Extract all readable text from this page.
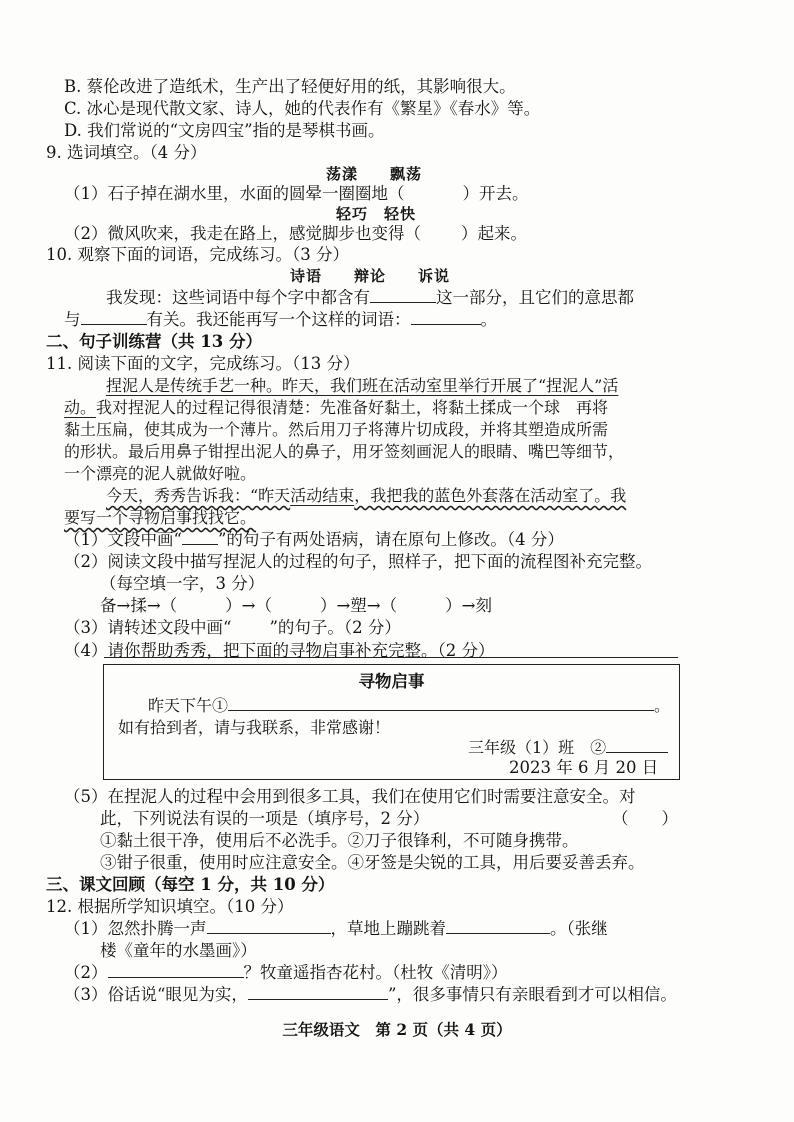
B. 蔡伦改进了造纸术，生产出了轻便好用的纸，其影响很大。
C. 冰心是现代散文家、诗人，她的代表作有《繁星》《春水》等。
D. 我们常说的“文房四宝”指的是琴棋书画。
9. 选词填空。（4 分）
荡漾　　飘荡
（1）石子掉在湖水里，水面的圆晕一圈圈地（	）开去。
轻巧　轻快
（2）微风吹来，我走在路上，感觉脚步也变得（ ）起来。
10. 观察下面的词语，完成练习。（3 分）
诗语　　辩论　　诉说
我发现：这些词语中每个字中都含有	这一部分，且它们的意思都
与	有关。我还能再写一个这样的词语：	。
二、句子训练营（共 13 分）
11. 阅读下面的文字，完成练习。（13 分）
捏泥人是传统手艺一种。昨天，我们班在活动室里举行开展了“捏泥人”活
动。我对捏泥人的过程记得很清楚：先准备好黏土，将黏土揉成一个球　再将
黏土压扁，使其成为一个薄片。然后用刀子将薄片切成段，并将其塑造成所需
的形状。最后用鼻子钳捏出泥人的鼻子，用牙签刻画泥人的眼睛、嘴巴等细节，
一个漂亮的泥人就做好啦。
今天，秀秀告诉我：“昨天活动结束，我把我的蓝色外套落在活动室了。我
要写一个寻物启事找找它。
（1）文段中画“ ”的句子有两处语病，请在原句上修改。（4 分）
（2）阅读文段中描写捏泥人的过程的句子，照样子，把下面的流程图补充完整。
（每空填一字，3 分）
备→揉→（	）→（	）→塑→（	）→刻
（3）请转述文段中画“ ”的句子。（2 分）
（4）请你帮助秀秀，把下面的寻物启事补充完整。（2 分）
寻物启事
昨天下午①	。
如有拾到者，请与我联系，非常感谢！
三年级（1）班　②
2023 年 6 月 20 日
（5）在捏泥人的过程中会用到很多工具，我们在使用它们时需要注意安全。对
此，下列说法有误的一项是（填序号，2 分）	（　　）
①黏土很干净，使用后不必洗手。②刀子很锋利，不可随身携带。
③钳子很重，使用时应注意安全。④牙签是尖锐的工具，用后要妥善丢弃。
三、课文回顾（每空 1 分，共 10 分）
12. 根据所学知识填空。（10 分）
（1）忽然扑腾一声	，草地上蹦跳着	。（张继
楼《童年的水墨画》）
（2）	？牧童遥指杏花村。（杜牧《清明》）
（3）俗话说“眼见为实，	”，很多事情只有亲眼看到才可以相信。
三年级语文　第 2 页（共 4 页）
